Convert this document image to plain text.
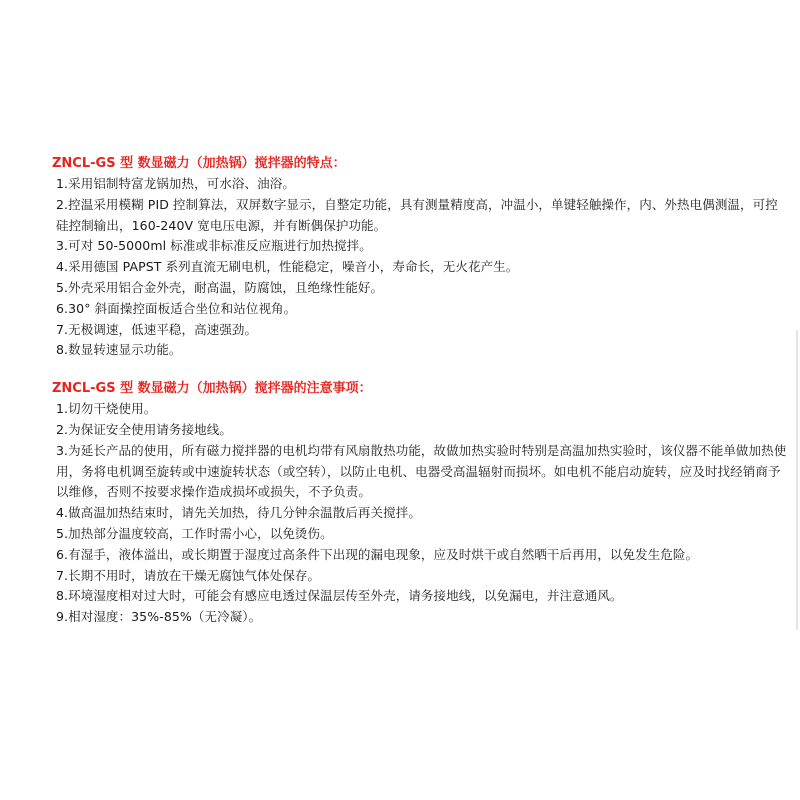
ZNCL-GS 型 数显磁力（加热锅）搅拌器的特点：
1.采用铝制特富龙锅加热，可水浴、油浴。
2.控温采用模糊 PID 控制算法，双屏数字显示，自整定功能，具有测量精度高，冲温小，单键轻触操作，内、外热电偶测温，可控硅控制输出，160-240V 宽电压电源，并有断偶保护功能。
3.可对 50-5000ml 标准或非标准反应瓶进行加热搅拌。
4.采用德国 PAPST 系列直流无刷电机，性能稳定，噪音小，寿命长，无火花产生。
5.外壳采用铝合金外壳，耐高温，防腐蚀，且绝缘性能好。
6.30° 斜面操控面板适合坐位和站位视角。
7.无极调速，低速平稳，高速强劲。
8.数显转速显示功能。
ZNCL-GS 型 数显磁力（加热锅）搅拌器的注意事项：
1.切勿干烧使用。
2.为保证安全使用请务接地线。
3.为延长产品的使用，所有磁力搅拌器的电机均带有风扇散热功能，故做加热实验时特别是高温加热实验时，该仪器不能单做加热使用，务将电机调至旋转或中速旋转状态（或空转），以防止电机、电器受高温辐射而损坏。如电机不能启动旋转，应及时找经销商予以维修，否则不按要求操作造成损坏或损失，不予负责。
4.做高温加热结束时，请先关加热，待几分钟余温散后再关搅拌。
5.加热部分温度较高，工作时需小心，以免烫伤。
6.有湿手，液体溢出，或长期置于湿度过高条件下出现的漏电现象，应及时烘干或自然晒干后再用，以免发生危险。
7.长期不用时，请放在干燥无腐蚀气体处保存。
8.环境湿度相对过大时，可能会有感应电透过保温层传至外壳，请务接地线，以免漏电，并注意通风。
9.相对湿度：35%-85%（无冷凝）。
